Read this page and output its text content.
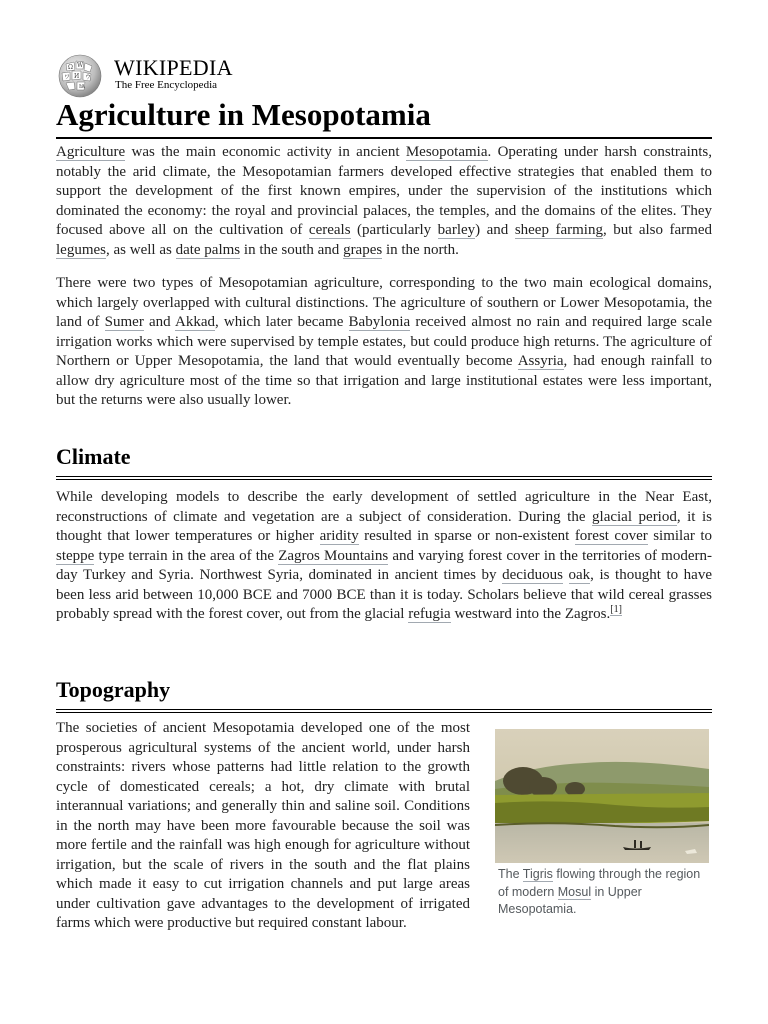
Ω W
И ウ
ワ
Ѩ
WIKIPEDIA
The Free Encyclopedia
Agriculture in Mesopotamia

Agriculture was the main economic activity in ancient Mesopotamia. Operating under harsh constraints, notably the arid climate, the Mesopotamian farmers developed effective strategies that enabled them to support the development of the first known empires, under the supervision of the institutions which dominated the economy: the royal and provincial palaces, the temples, and the domains of the elites. They focused above all on the cultivation of cereals (particularly barley) and sheep farming, but also farmed legumes, as well as date palms in the south and grapes in the north.

There were two types of Mesopotamian agriculture, corresponding to the two main ecological domains, which largely overlapped with cultural distinctions. The agriculture of southern or Lower Mesopotamia, the land of Sumer and Akkad, which later became Babylonia received almost no rain and required large scale irrigation works which were supervised by temple estates, but could produce high returns. The agriculture of Northern or Upper Mesopotamia, the land that would eventually become Assyria, had enough rainfall to allow dry agriculture most of the time so that irrigation and large institutional estates were less important, but the returns were also usually lower.

Climate

While developing models to describe the early development of settled agriculture in the Near East, reconstructions of climate and vegetation are a subject of consideration. During the glacial period, it is thought that lower temperatures or higher aridity resulted in sparse or non-existent forest cover similar to steppe type terrain in the area of the Zagros Mountains and varying forest cover in the territories of modern-day Turkey and Syria. Northwest Syria, dominated in ancient times by deciduous oak, is thought to have been less arid between 10,000 BCE and 7000 BCE than it is today. Scholars believe that wild cereal grasses probably spread with the forest cover, out from the glacial refugia westward into the Zagros.[1]

Topography

The societies of ancient Mesopotamia developed one of the most prosperous agricultural systems of the ancient world, under harsh constraints: rivers whose patterns had little relation to the growth cycle of domesticated cereals; a hot, dry climate with brutal interannual variations; and generally thin and saline soil. Conditions in the north may have been more favourable because the soil was more fertile and the rainfall was high enough for agriculture without irrigation, but the scale of rivers in the south and the flat plains which made it easy to cut irrigation channels and put large areas under cultivation gave advantages to the development of irrigated farms which were productive but required constant labour.

The Tigris flowing through the region of modern Mosul in Upper Mesopotamia.
